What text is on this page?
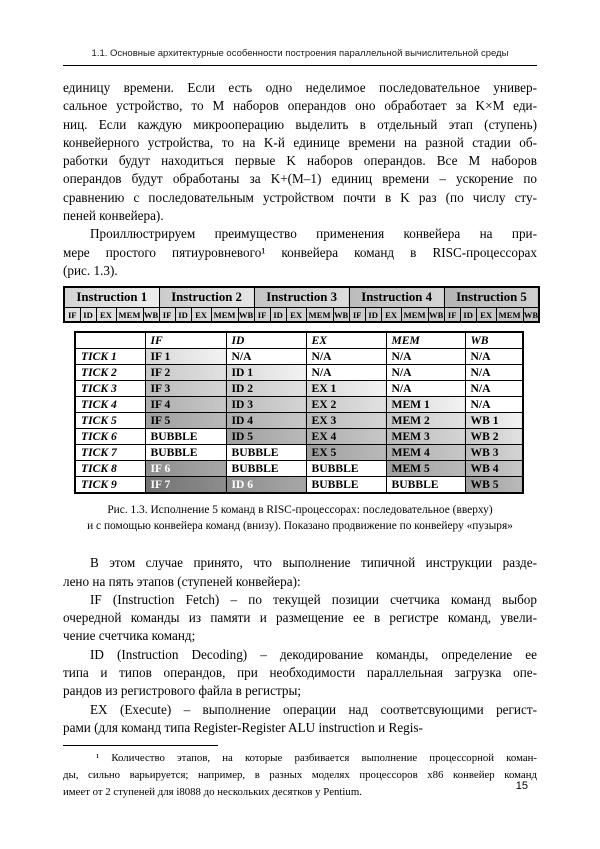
1.1. Основные архитектурные особенности построения параллельной вычислительной среды
единицу времени. Если есть одно неделимое последовательное универ-
сальное устройство, то M наборов операндов оно обработает за K×M еди-
ниц. Если каждую микрооперацию выделить в отдельный этап (ступень)
конвейерного устройства, то на K-й единице времени на разной стадии об-
работки будут находиться первые K наборов операндов. Все M наборов
операндов будут обработаны за K+(M–1) единиц времени – ускорение по
сравнению с последовательным устройством почти в K раз (по числу сту-
пеней конвейера).
Проиллюстрируем преимущество применения конвейера на при-
мере простого пятиуровневого¹ конвейера команд в RISC-процессорах
(рис. 1.3).
Instruction 1					Instruction 2					Instruction 3					Instruction 4					Instruction 5				
IF	ID	EX	MEM	WB	IF	ID	EX	MEM	WB	IF	ID	EX	MEM	WB	IF	ID	EX	MEM	WB	IF	ID	EX	MEM	WB
	IF	ID	EX	MEM	WB
TICK 1	IF 1	N/A	N/A	N/A	N/A
TICK 2	IF 2	ID 1	N/A	N/A	N/A
TICK 3	IF 3	ID 2	EX 1	N/A	N/A
TICK 4	IF 4	ID 3	EX 2	MEM 1	N/A
TICK 5	IF 5	ID 4	EX 3	MEM 2	WB 1
TICK 6	BUBBLE	ID 5	EX 4	MEM 3	WB 2
TICK 7	BUBBLE	BUBBLE	EX 5	MEM 4	WB 3
TICK 8	IF 6	BUBBLE	BUBBLE	MEM 5	WB 4
TICK 9	IF 7	ID 6	BUBBLE	BUBBLE	WB 5
Рис. 1.3. Исполнение 5 команд в RISC-процессорах: последовательное (вверху)
и с помощью конвейера команд (внизу). Показано продвижение по конвейеру «пузыря»
В этом случае принято, что выполнение типичной инструкции разде-
лено на пять этапов (ступеней конвейера):
IF (Instruction Fetch) – по текущей позиции счетчика команд выбор
очередной команды из памяти и размещение ее в регистре команд, увели-
чение счетчика команд;
ID (Instruction Decoding) – декодирование команды, определение ее
типа и типов операндов, при необходимости параллельная загрузка опе-
рандов из регистрового файла в регистры;
EX (Execute) – выполнение операции над соответсвующими регист-
рами (для команд типа Register-Register ALU instruction и Regis-
¹ Количество этапов, на которые разбивается выполнение процессорной коман-
ды, сильно варьируется; например, в разных моделях процессоров x86 конвейер команд
имеет от 2 ступеней для i8088 до нескольких десятков у Pentium.
15
